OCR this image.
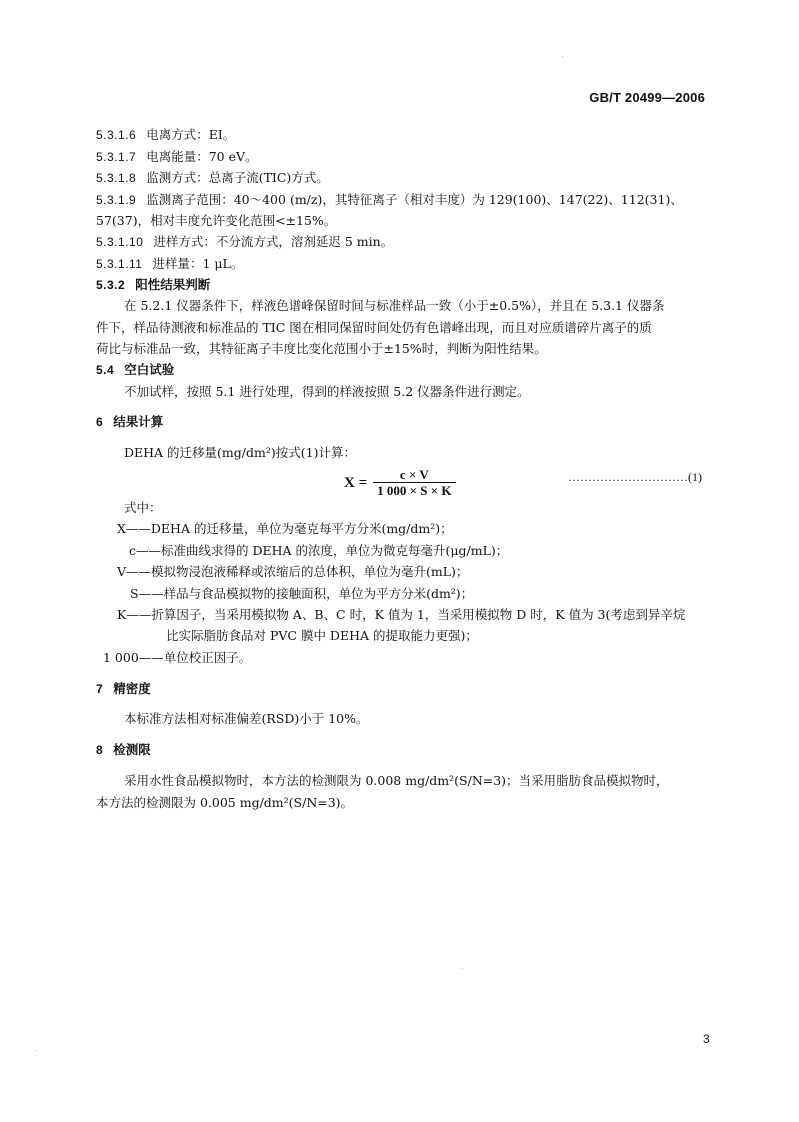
GB/T 20499—2006
5.3.1.6 电离方式：EI。
5.3.1.7 电离能量：70 eV。
5.3.1.8 监测方式：总离子流(TIC)方式。
5.3.1.9 监测离子范围：40～400 (m/z)，其特征离子（相对丰度）为 129(100)、147(22)、112(31)、
57(37)，相对丰度允许变化范围<±15%。
5.3.1.10 进样方式：不分流方式，溶剂延迟 5 min。
5.3.1.11 进样量：1 μL。
5.3.2 阳性结果判断
在 5.2.1 仪器条件下，样液色谱峰保留时间与标准样品一致（小于±0.5%），并且在 5.3.1 仪器条
件下，样品待测液和标准品的 TIC 图在相同保留时间处仍有色谱峰出现，而且对应质谱碎片离子的质
荷比与标准品一致，其特征离子丰度比变化范围小于±15%时，判断为阳性结果。
5.4 空白试验
不加试样，按照 5.1 进行处理，得到的样液按照 5.2 仪器条件进行测定。
6 结果计算
DEHA 的迁移量(mg/dm²)按式(1)计算：
$X = \frac{c \times V}{1 000 \times S \times K}$	…………………………(1)
式中：
X——DEHA 的迁移量，单位为毫克每平方分米(mg/dm²)；
c——标准曲线求得的 DEHA 的浓度，单位为微克每毫升(μg/mL)；
V——模拟物浸泡液稀释或浓缩后的总体积，单位为毫升(mL)；
S——样品与食品模拟物的接触面积，单位为平方分米(dm²)；
K——折算因子，当采用模拟物 A、B、C 时，K 值为 1，当采用模拟物 D 时，K 值为 3(考虑到异辛烷
比实际脂肪食品对 PVC 膜中 DEHA 的提取能力更强)；
1 000——单位校正因子。
7 精密度
本标准方法相对标准偏差(RSD)小于 10%。
8 检测限
采用水性食品模拟物时，本方法的检测限为 0.008 mg/dm²(S/N=3)；当采用脂肪食品模拟物时，
本方法的检测限为 0.005 mg/dm²(S/N=3)。
3
